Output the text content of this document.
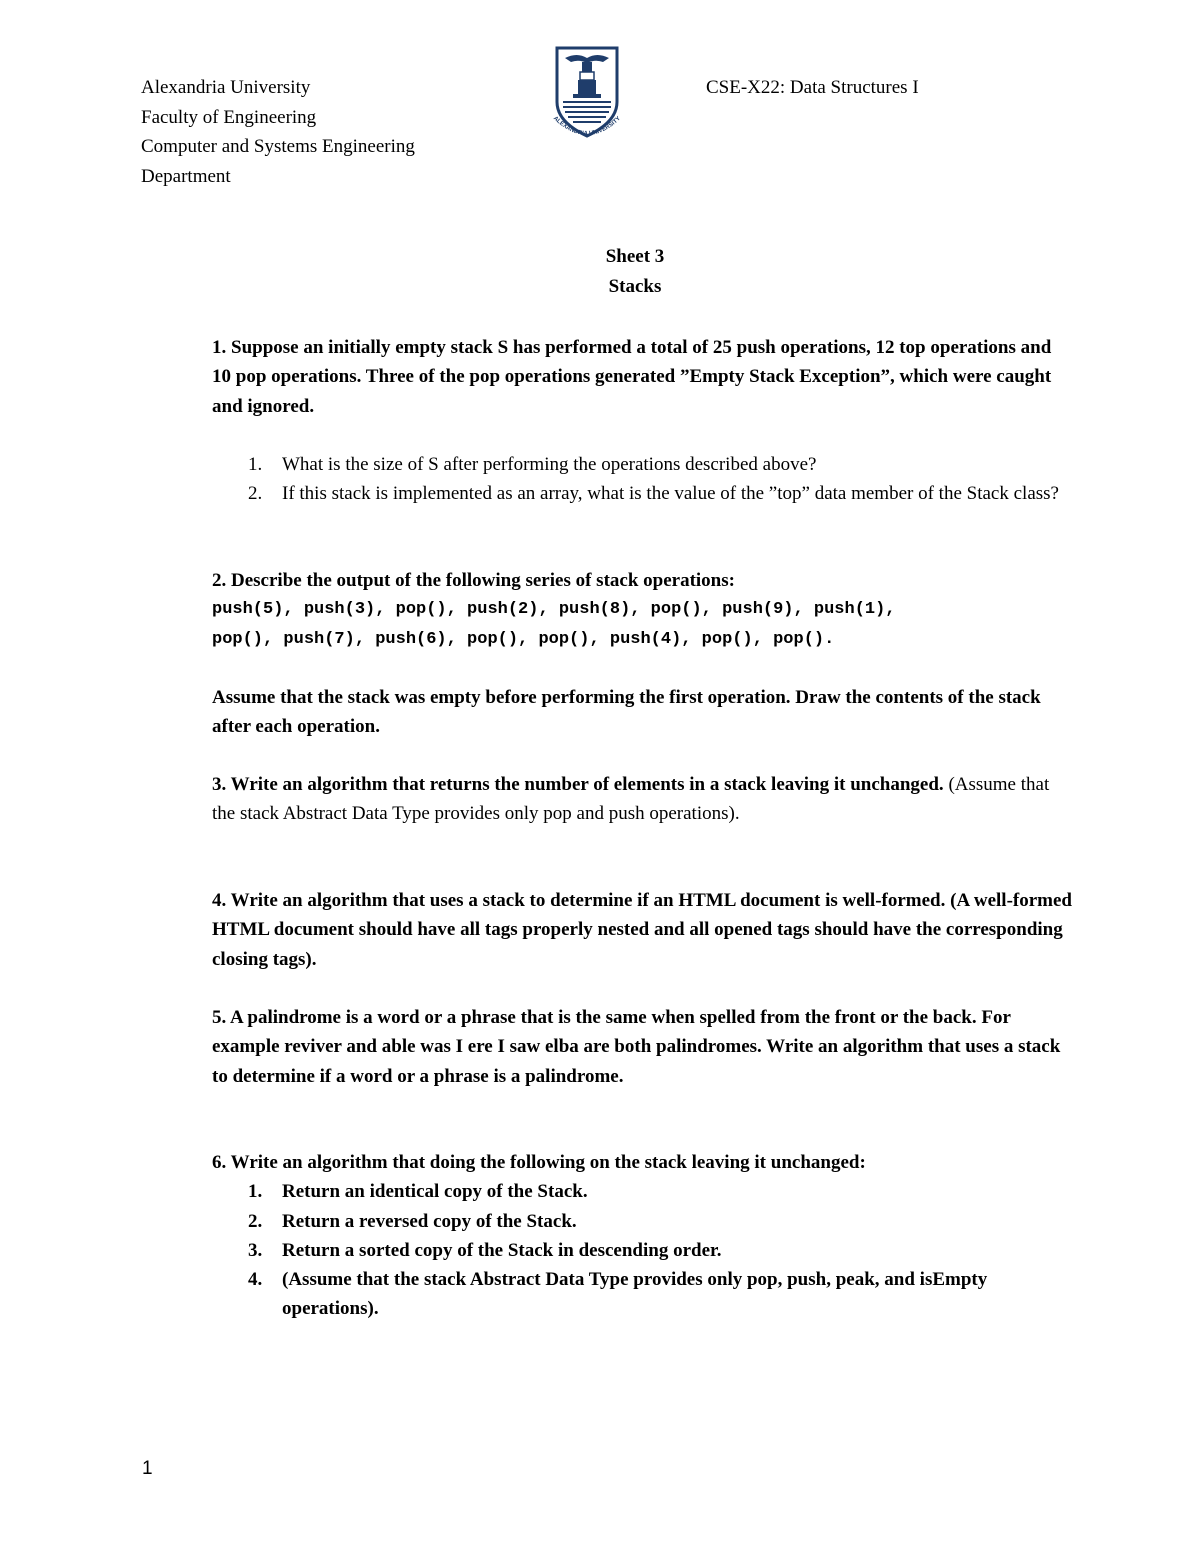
Alexandria University
Faculty of Engineering
Computer and Systems Engineering
Department
ALEXANDRIA UNIVERSITY
CSE-X22: Data Structures I
Sheet 3
Stacks
1. Suppose an initially empty stack S has performed a total of 25 push operations, 12 top operations and 10 pop operations. Three of the pop operations generated ”Empty Stack Exception”, which were caught and ignored.
1. What is the size of S after performing the operations described above?
2. If this stack is implemented as an array, what is the value of the ”top” data member of the Stack class?
2. Describe the output of the following series of stack operations:
push(5), push(3), pop(), push(2), push(8), pop(), push(9), push(1),
pop(), push(7), push(6), pop(), pop(), push(4), pop(), pop().
Assume that the stack was empty before performing the first operation. Draw the contents of the stack after each operation.
3. Write an algorithm that returns the number of elements in a stack leaving it unchanged. (Assume that the stack Abstract Data Type provides only pop and push operations).
4. Write an algorithm that uses a stack to determine if an HTML document is well-formed. (A well-formed HTML document should have all tags properly nested and all opened tags should have the corresponding closing tags).
5. A palindrome is a word or a phrase that is the same when spelled from the front or the back. For example reviver and able was I ere I saw elba are both palindromes. Write an algorithm that uses a stack to determine if a word or a phrase is a palindrome.
6. Write an algorithm that doing the following on the stack leaving it unchanged:
1. Return an identical copy of the Stack.
2. Return a reversed copy of the Stack.
3. Return a sorted copy of the Stack in descending order.
4. (Assume that the stack Abstract Data Type provides only pop, push, peak, and isEmpty operations).
1
